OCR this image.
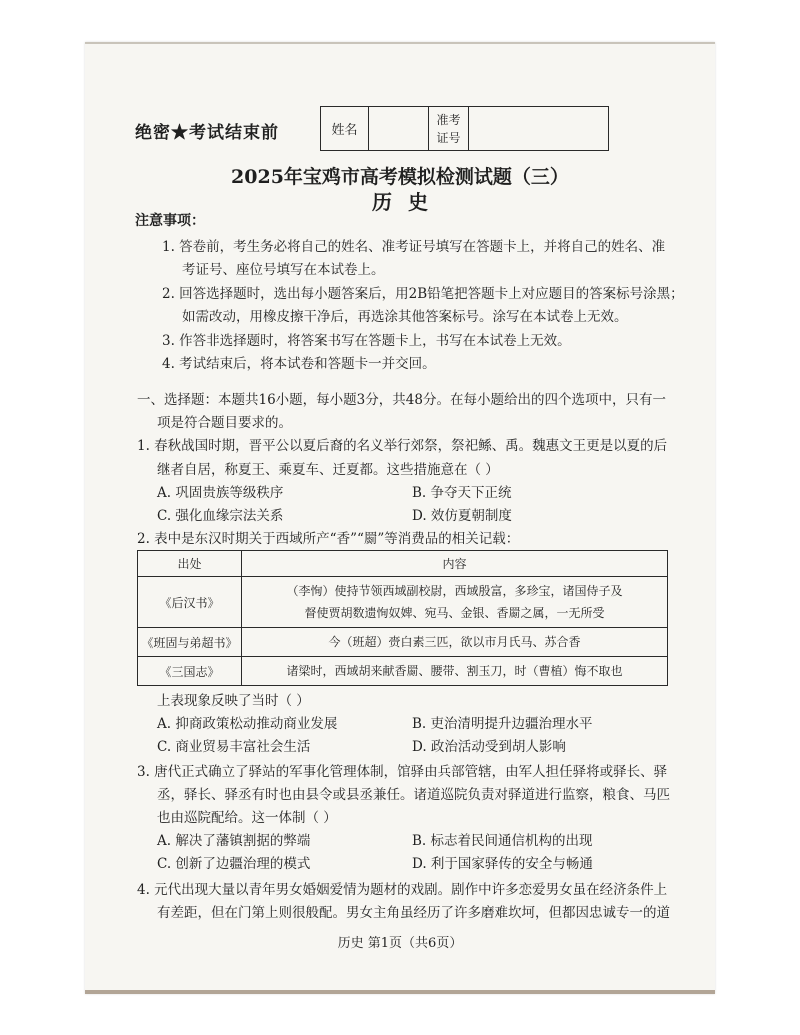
绝密★考试结束前	姓名		准考
证号	
2025年宝鸡市高考模拟检测试题（三）
历史
注意事项：
1. 答卷前，考生务必将自己的姓名、准考证号填写在答题卡上，并将自己的姓名、准
考证号、座位号填写在本试卷上。
2. 回答选择题时，选出每小题答案后，用2B铅笔把答题卡上对应题目的答案标号涂黑；
如需改动，用橡皮擦干净后，再选涂其他答案标号。涂写在本试卷上无效。
3. 作答非选择题时，将答案书写在答题卡上，书写在本试卷上无效。
4. 考试结束后，将本试卷和答题卡一并交回。
一、选择题：本题共16小题，每小题3分，共48分。在每小题给出的四个选项中，只有一
项是符合题目要求的。
1. 春秋战国时期，晋平公以夏后裔的名义举行郊祭，祭祀鲧、禹。魏惠文王更是以夏的后
继者自居，称夏王、乘夏车、迁夏都。这些措施意在（ ）
A. 巩固贵族等级秩序	B. 争夺天下正统
C. 强化血缘宗法关系	D. 效仿夏朝制度
2. 表中是东汉时期关于西域所产“香”“罽”等消费品的相关记载：
出处	内容
《后汉书》	（李恂）使持节领西域副校尉，西域殷富，多珍宝，诸国侍子及
督使贾胡数遗恂奴婢、宛马、金银、香罽之属，一无所受
《班固与弟超书》	今（班超）赍白素三匹，欲以市月氏马、苏合香
《三国志》	诸梁时，西域胡来献香罽、腰带、割玉刀，时（曹植）悔不取也
上表现象反映了当时（ ）
A. 抑商政策松动推动商业发展	B. 吏治清明提升边疆治理水平
C. 商业贸易丰富社会生活	D. 政治活动受到胡人影响
3. 唐代正式确立了驿站的军事化管理体制，馆驿由兵部管辖，由军人担任驿将或驿长、驿
丞，驿长、驿丞有时也由县令或县丞兼任。诸道巡院负责对驿道进行监察，粮食、马匹
也由巡院配给。这一体制（ ）
A. 解决了藩镇割据的弊端	B. 标志着民间通信机构的出现
C. 创新了边疆治理的模式	D. 利于国家驿传的安全与畅通
4. 元代出现大量以青年男女婚姻爱情为题材的戏剧。剧作中许多恋爱男女虽在经济条件上
有差距，但在门第上则很般配。男女主角虽经历了许多磨难坎坷，但都因忠诚专一的道
历史 第1页（共6页）
